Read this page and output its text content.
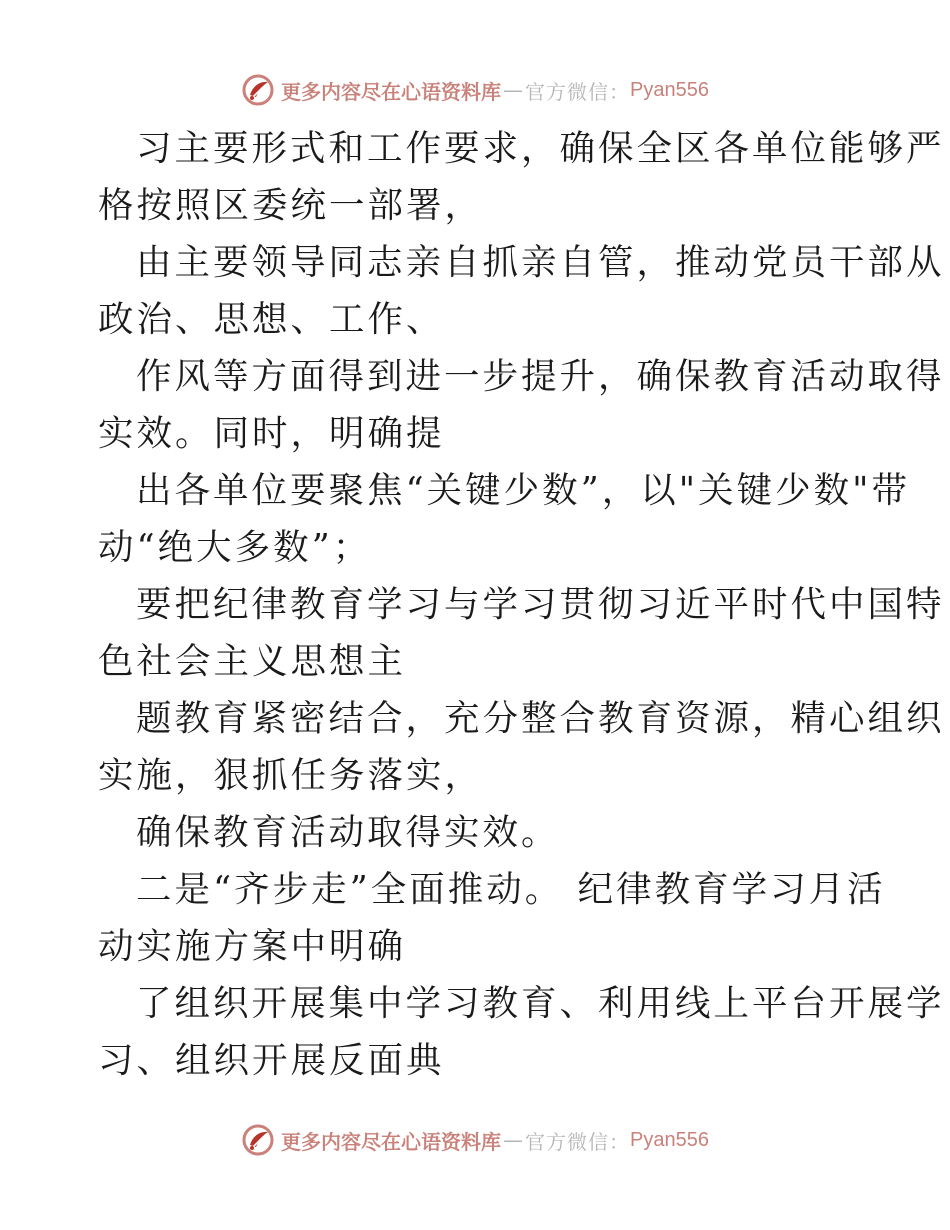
更多内容尽在心语资料库 — 官方微信： Pyan556

习主要形式和工作要求，确保全区各单位能够严

格按照区委统一部署，

由主要领导同志亲自抓亲自管，推动党员干部从

政治、思想、工作、

作风等方面得到进一步提升，确保教育活动取得

实效。同时，明确提

出各单位要聚焦“关键少数”，以"关键少数"带

动“绝大多数”；

要把纪律教育学习与学习贯彻习近平时代中国特

色社会主义思想主

题教育紧密结合，充分整合教育资源，精心组织

实施，狠抓任务落实，

确保教育活动取得实效。

二是“齐步走”全面推动。 纪律教育学习月活

动实施方案中明确

了组织开展集中学习教育、利用线上平台开展学

习、组织开展反面典

更多内容尽在心语资料库 — 官方微信： Pyan556
